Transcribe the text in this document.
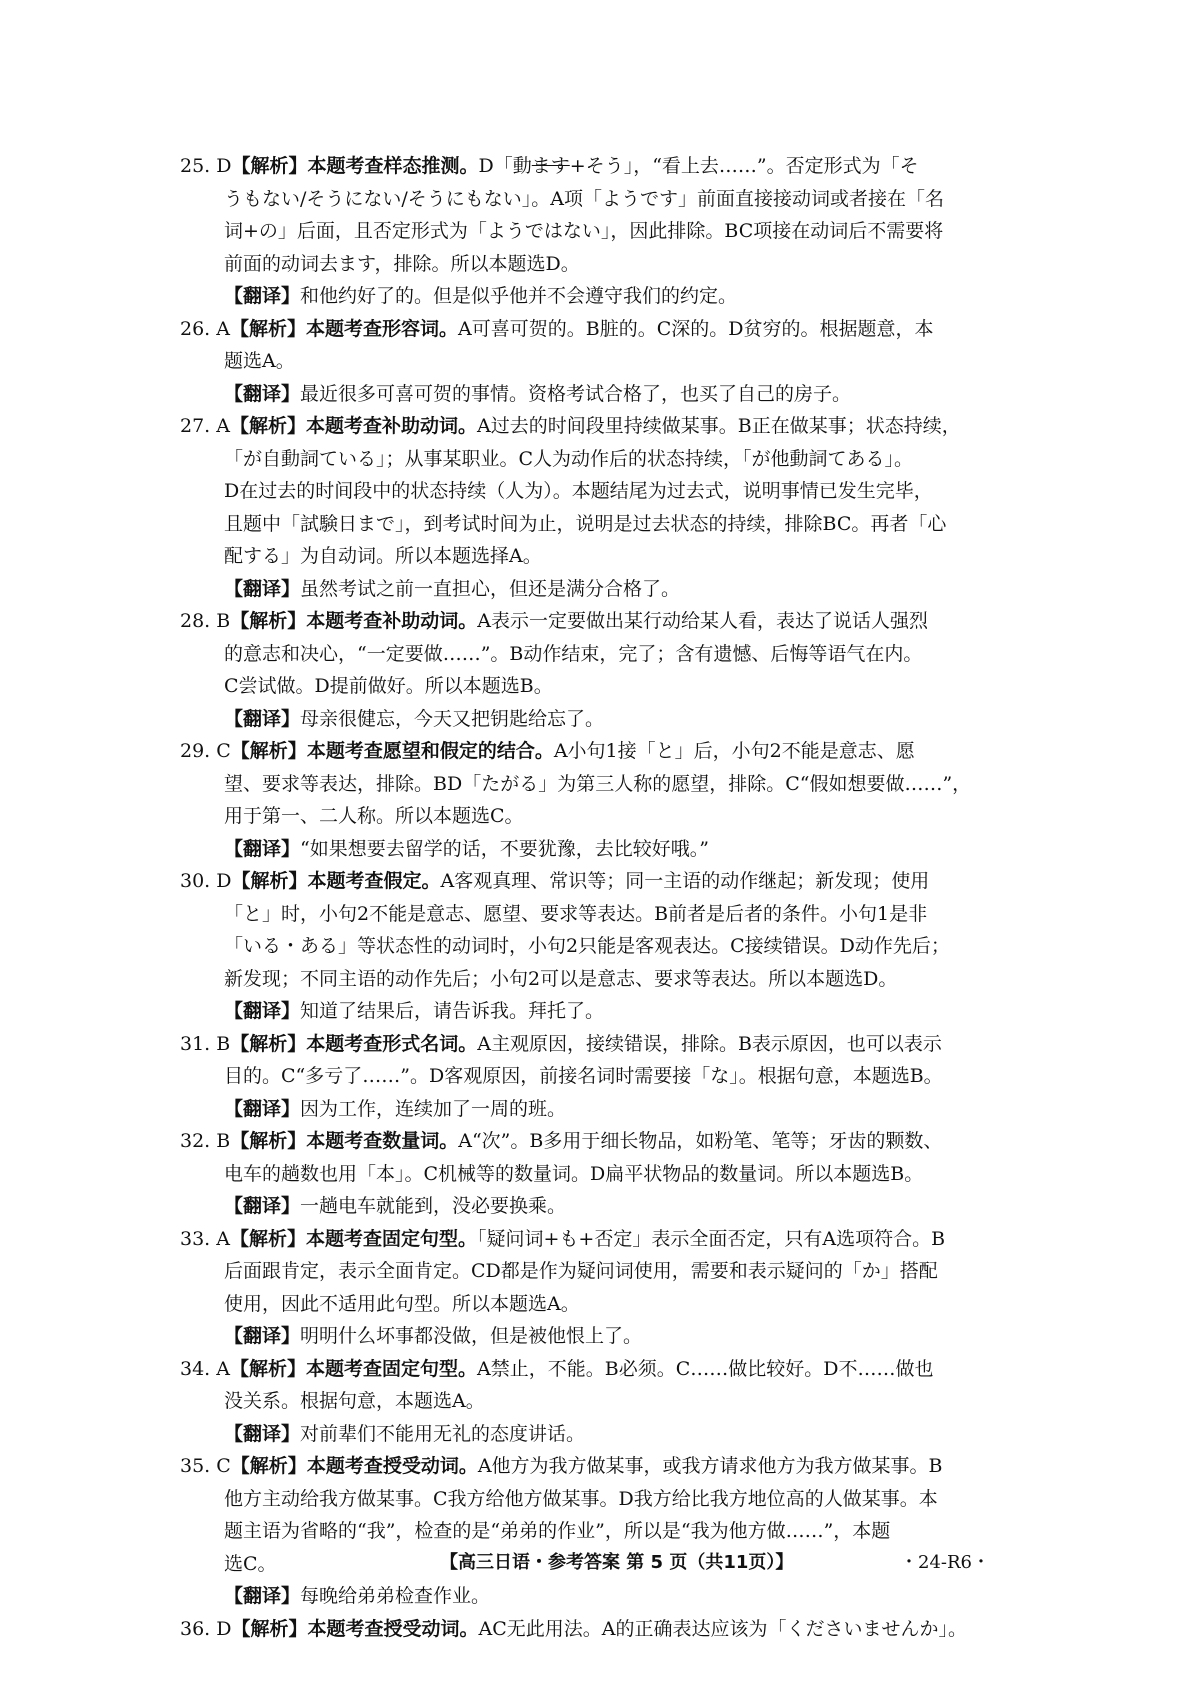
25. D【解析】本题考查样态推测。D「動ます+そう」，“看上去……”。否定形式为「そ
うもない/そうにない/そうにもない」。A项「ようです」前面直接接动词或者接在「名
词+の」后面，且否定形式为「ようではない」，因此排除。BC项接在动词后不需要将
前面的动词去ます，排除。所以本题选D。
【翻译】和他约好了的。但是似乎他并不会遵守我们的约定。
26. A【解析】本题考查形容词。A可喜可贺的。B脏的。C深的。D贫穷的。根据题意，本
题选A。
【翻译】最近很多可喜可贺的事情。资格考试合格了，也买了自己的房子。
27. A【解析】本题考查补助动词。A过去的时间段里持续做某事。B正在做某事；状态持续，
「が自動詞ている」；从事某职业。C人为动作后的状态持续，「が他動詞てある」。
D在过去的时间段中的状态持续（人为）。本题结尾为过去式，说明事情已发生完毕，
且题中「試験日まで」，到考试时间为止，说明是过去状态的持续，排除BC。再者「心
配する」为自动词。所以本题选择A。
【翻译】虽然考试之前一直担心，但还是满分合格了。
28. B【解析】本题考查补助动词。A表示一定要做出某行动给某人看，表达了说话人强烈
的意志和决心，“一定要做……”。B动作结束，完了；含有遗憾、后悔等语气在内。
C尝试做。D提前做好。所以本题选B。
【翻译】母亲很健忘，今天又把钥匙给忘了。
29. C【解析】本题考查愿望和假定的结合。A小句1接「と」后，小句2不能是意志、愿
望、要求等表达，排除。BD「たがる」为第三人称的愿望，排除。C“假如想要做……”，
用于第一、二人称。所以本题选C。
【翻译】“如果想要去留学的话，不要犹豫，去比较好哦。”
30. D【解析】本题考查假定。A客观真理、常识等；同一主语的动作继起；新发现；使用
「と」时，小句2不能是意志、愿望、要求等表达。B前者是后者的条件。小句1是非
「いる・ある」等状态性的动词时，小句2只能是客观表达。C接续错误。D动作先后；
新发现；不同主语的动作先后；小句2可以是意志、要求等表达。所以本题选D。
【翻译】知道了结果后，请告诉我。拜托了。
31. B【解析】本题考查形式名词。A主观原因，接续错误，排除。B表示原因，也可以表示
目的。C“多亏了……”。D客观原因，前接名词时需要接「な」。根据句意，本题选B。
【翻译】因为工作，连续加了一周的班。
32. B【解析】本题考查数量词。A“次”。B多用于细长物品，如粉笔、笔等；牙齿的颗数、
电车的趟数也用「本」。C机械等的数量词。D扁平状物品的数量词。所以本题选B。
【翻译】一趟电车就能到，没必要换乘。
33. A【解析】本题考查固定句型。「疑问词+も+否定」表示全面否定，只有A选项符合。B
后面跟肯定，表示全面肯定。CD都是作为疑问词使用，需要和表示疑问的「か」搭配
使用，因此不适用此句型。所以本题选A。
【翻译】明明什么坏事都没做，但是被他恨上了。
34. A【解析】本题考查固定句型。A禁止，不能。B必须。C……做比较好。D不……做也
没关系。根据句意，本题选A。
【翻译】对前辈们不能用无礼的态度讲话。
35. C【解析】本题考查授受动词。A他方为我方做某事，或我方请求他方为我方做某事。B
他方主动给我方做某事。C我方给他方做某事。D我方给比我方地位高的人做某事。本
题主语为省略的“我”，检查的是“弟弟的作业”，所以是“我为他方做……”，本题
选C。
【翻译】每晚给弟弟检查作业。
36. D【解析】本题考查授受动词。AC无此用法。A的正确表达应该为「くださいませんか」。
【高三日语・参考答案 第 5 页（共11页）】	・24-R6・
